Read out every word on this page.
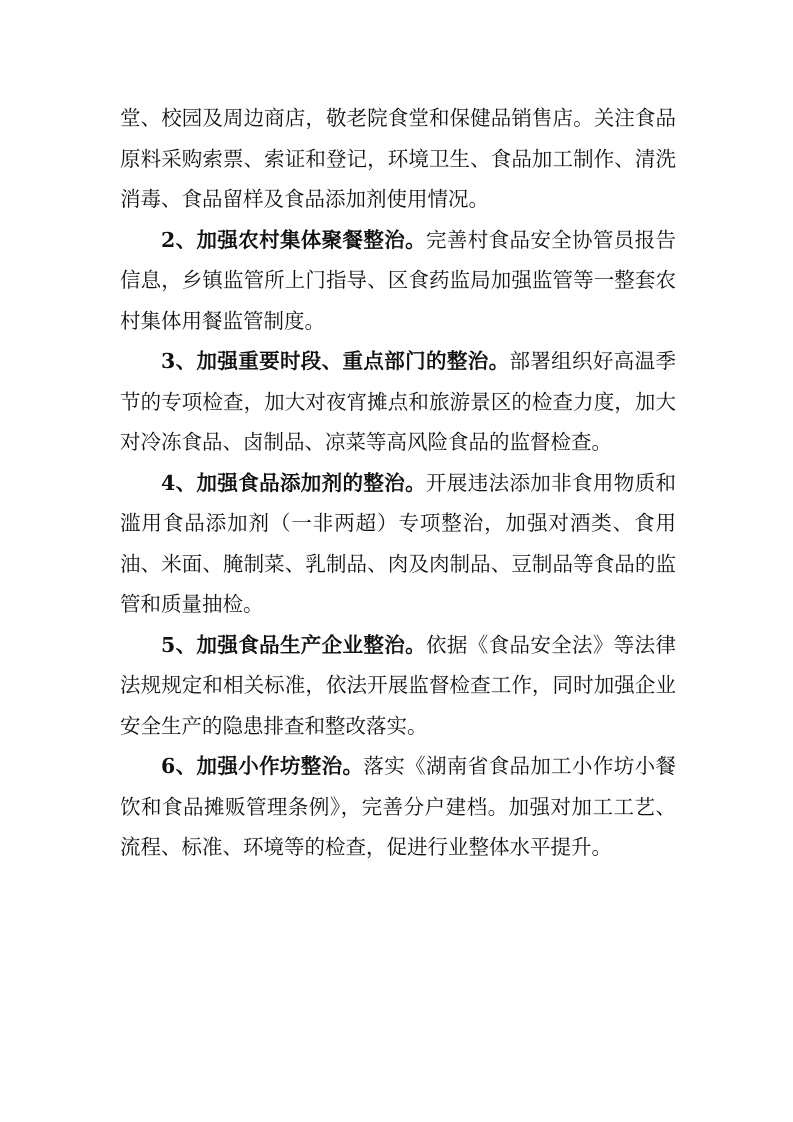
堂、校园及周边商店，敬老院食堂和保健品销售店。关注食品原料采购索票、索证和登记，环境卫生、食品加工制作、清洗消毒、食品留样及食品添加剂使用情况。

2、加强农村集体聚餐整治。完善村食品安全协管员报告信息，乡镇监管所上门指导、区食药监局加强监管等一整套农村集体用餐监管制度。

3、加强重要时段、重点部门的整治。部署组织好高温季节的专项检查，加大对夜宵摊点和旅游景区的检查力度，加大对冷冻食品、卤制品、凉菜等高风险食品的监督检查。

4、加强食品添加剂的整治。开展违法添加非食用物质和滥用食品添加剂（一非两超）专项整治，加强对酒类、食用油、米面、腌制菜、乳制品、肉及肉制品、豆制品等食品的监管和质量抽检。

5、加强食品生产企业整治。依据《食品安全法》等法律法规规定和相关标准，依法开展监督检查工作，同时加强企业安全生产的隐患排查和整改落实。

6、加强小作坊整治。落实《湖南省食品加工小作坊小餐饮和食品摊贩管理条例》，完善分户建档。加强对加工工艺、流程、标准、环境等的检查，促进行业整体水平提升。
